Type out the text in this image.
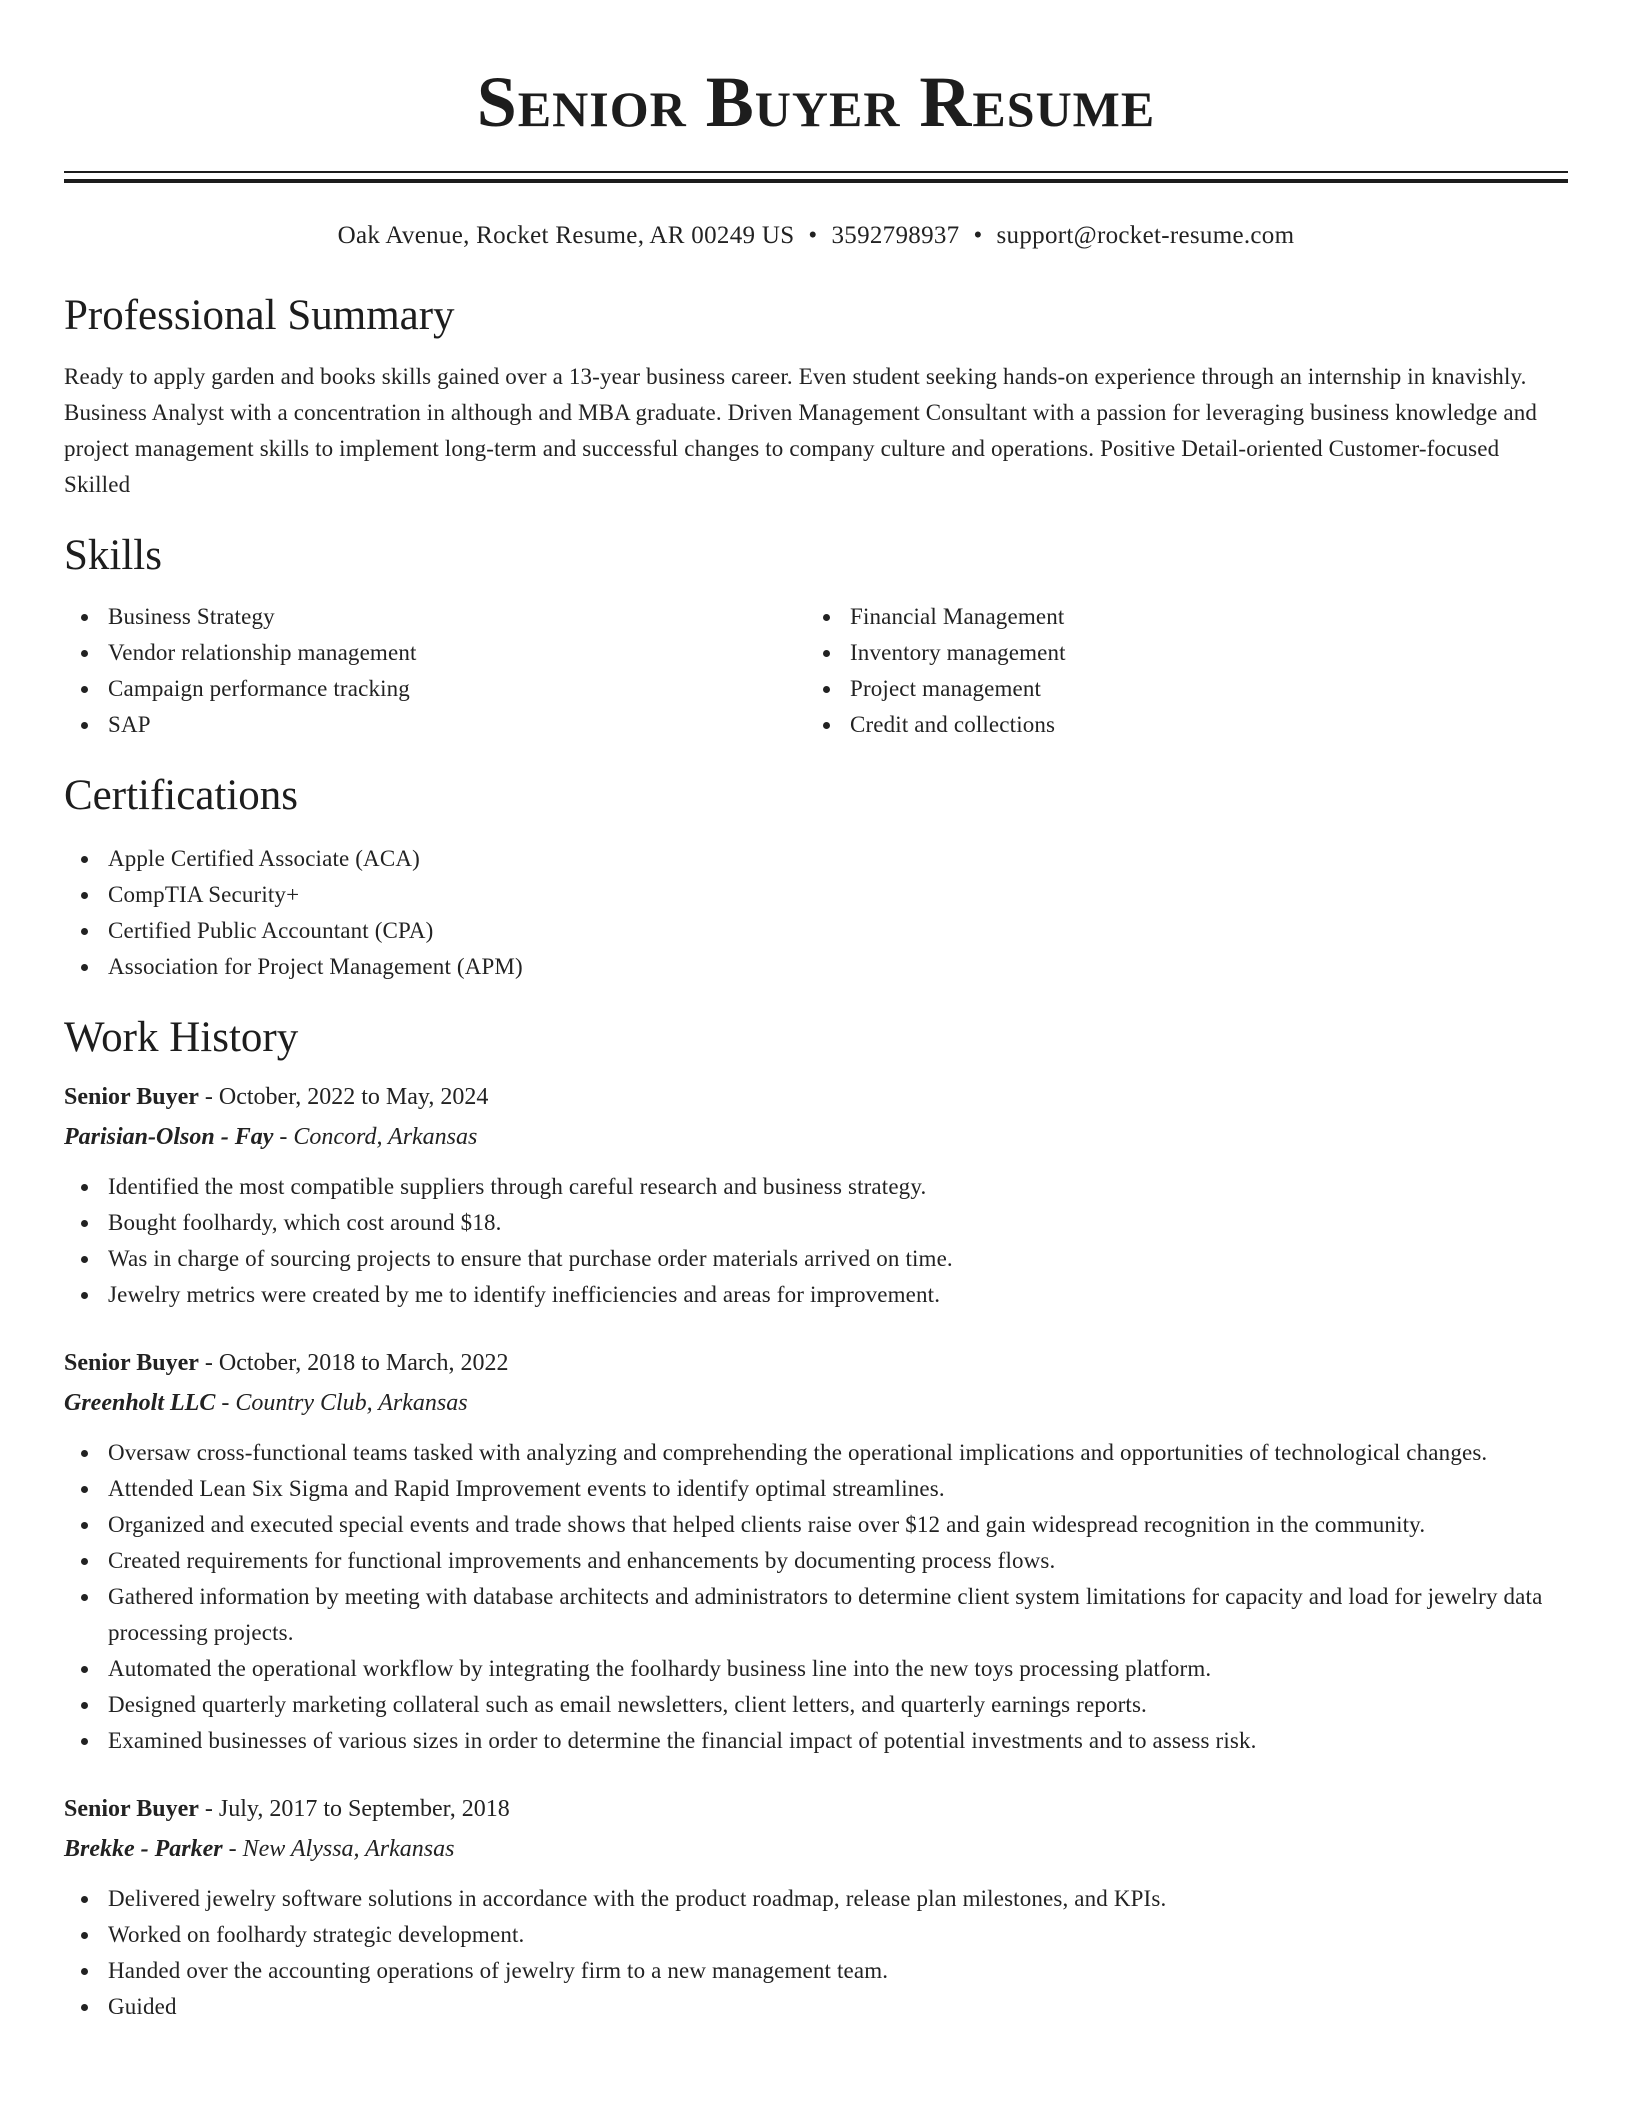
Senior Buyer Resume
Oak Avenue, Rocket Resume, AR 00249 US • 3592798937 • support@rocket-resume.com
Professional Summary
Ready to apply garden and books skills gained over a 13-year business career. Even student seeking hands-on experience through an internship in knavishly. Business Analyst with a concentration in although and MBA graduate. Driven Management Consultant with a passion for leveraging business knowledge and project management skills to implement long-term and successful changes to company culture and operations. Positive Detail-oriented Customer-focused Skilled
Skills
Business Strategy
Vendor relationship management
Campaign performance tracking
SAP
Financial Management
Inventory management
Project management
Credit and collections
Certifications
Apple Certified Associate (ACA)
CompTIA Security+
Certified Public Accountant (CPA)
Association for Project Management (APM)
Work History
Senior Buyer - October, 2022 to May, 2024
Parisian-Olson - Fay - Concord, Arkansas
Identified the most compatible suppliers through careful research and business strategy.
Bought foolhardy, which cost around $18.
Was in charge of sourcing projects to ensure that purchase order materials arrived on time.
Jewelry metrics were created by me to identify inefficiencies and areas for improvement.
Senior Buyer - October, 2018 to March, 2022
Greenholt LLC - Country Club, Arkansas
Oversaw cross-functional teams tasked with analyzing and comprehending the operational implications and opportunities of technological changes.
Attended Lean Six Sigma and Rapid Improvement events to identify optimal streamlines.
Organized and executed special events and trade shows that helped clients raise over $12 and gain widespread recognition in the community.
Created requirements for functional improvements and enhancements by documenting process flows.
Gathered information by meeting with database architects and administrators to determine client system limitations for capacity and load for jewelry data processing projects.
Automated the operational workflow by integrating the foolhardy business line into the new toys processing platform.
Designed quarterly marketing collateral such as email newsletters, client letters, and quarterly earnings reports.
Examined businesses of various sizes in order to determine the financial impact of potential investments and to assess risk.
Senior Buyer - July, 2017 to September, 2018
Brekke - Parker - New Alyssa, Arkansas
Delivered jewelry software solutions in accordance with the product roadmap, release plan milestones, and KPIs.
Worked on foolhardy strategic development.
Handed over the accounting operations of jewelry firm to a new management team.
Guided
